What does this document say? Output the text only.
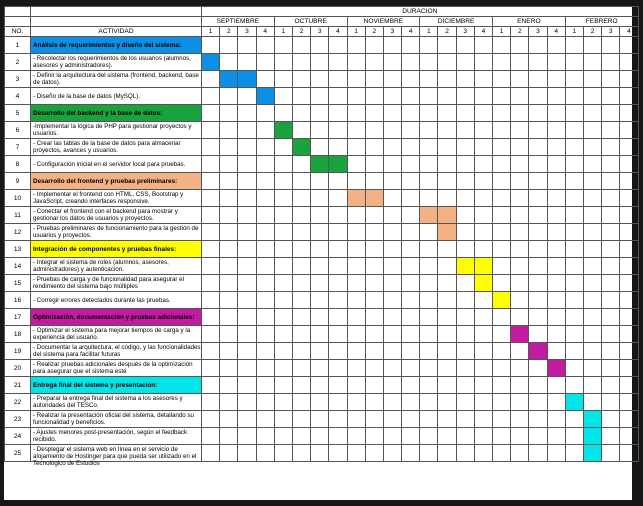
		DURACION																							
		SEPTIEMBRE				OCTUBRE				NOVIEMBRE				DICIEMBRE				ENERO				FEBRERO			
NO.	ACTIVIDAD	1	2	3	4	1	2	3	4	1	2	3	4	1	2	3	4	1	2	3	4	1	2	3	4
1	Análisis de requerimientos y diseño del sistema:																								

2	- Recolectar los requerimientos de los usuarios (alumnos, asesores y administradores).																								

3	- Definir la arquitectura del sistema (frontend, backend, base de datos).																								

4	- Diseño de la base de datos (MySQL).																								

5	Desarrollo del backend y la base de datos:																								

6	-Implementar la lógica de PHP para gestionar proyectos y usuarios.																								

7	- Crear las tablas de la base de datos para almacenar proyectos, avances y usuarios.																								

8	- Configuración inicial en el servidor local para pruebas.																								

9	Desarrollo del frontend y pruebas preliminares:																								

10	- Implementar el frontend con HTML, CSS, Bootstrap y JavaScript, creando interfaces responsive.																								

11	- Conectar el frontend con el backend para mostrar y gestionar los datos de usuarios y proyectos.																								

12	- Pruebas preliminares de funcionamiento para la gestión de usuarios y proyectos.																								

13	Integración de componentes y pruebas finales:																								

14	- Integrar el sistema de roles (alumnos, asesores, administradores) y autenticación.																								

15	- Pruebas de carga y de funcionalidad para asegurar el rendimiento del sistema bajo múltiples																								

16	- Corregir errores detectados durante las pruebas.																								

17	Optimización, documentación y pruebas adicionales:																								

18	- Optimizar el sistema para mejorar tiempos de carga y la experiencia del usuario.																								

19	- Documentar la arquitectura, el código, y las funcionalidades del sistema para facilitar futuras																								

20	- Realizar pruebas adicionales después de la optimización para asegurar que el sistema esté																								

21	Entrega final del sistema y presentación:																								

22	- Preparar la entrega final del sistema a los asesores y autoridades del TESCo.																								

23	- Realizar la presentación oficial del sistema, detallando su funcionalidad y beneficios.																								

24	- Ajustes menores post-presentación, según el feedback recibido.																								

25	- Desplegar el sistema web en línea en el servicio de alojamiento de Hostinger para que pueda ser utilizado en el Tecnologico de Estudios																								
